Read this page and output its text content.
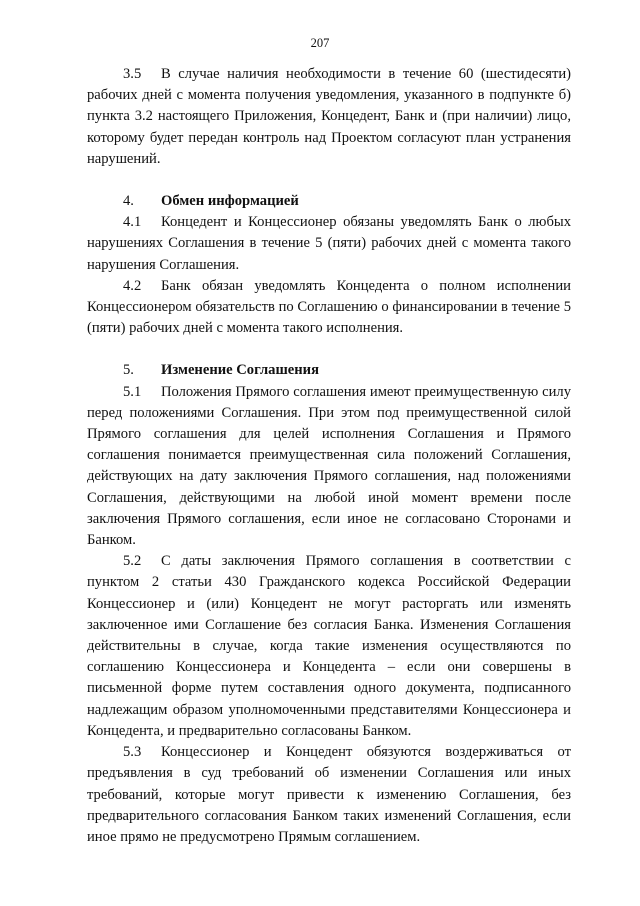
207

3.5 В случае наличия необходимости в течение 60 (шестидесяти) рабочих дней с момента получения уведомления, указанного в подпункте б) пункта 3.2 настоящего Приложения, Концедент, Банк и (при наличии) лицо, которому будет передан контроль над Проектом согласуют план устранения нарушений.

4. Обмен информацией

4.1 Концедент и Концессионер обязаны уведомлять Банк о любых нарушениях Соглашения в течение 5 (пяти) рабочих дней с момента такого нарушения Соглашения.

4.2 Банк обязан уведомлять Концедента о полном исполнении Концессионером обязательств по Соглашению о финансировании в течение 5 (пяти) рабочих дней с момента такого исполнения.

5. Изменение Соглашения

5.1 Положения Прямого соглашения имеют преимущественную силу перед положениями Соглашения. При этом под преимущественной силой Прямого соглашения для целей исполнения Соглашения и Прямого соглашения понимается преимущественная сила положений Соглашения, действующих на дату заключения Прямого соглашения, над положениями Соглашения, действующими на любой иной момент времени после заключения Прямого соглашения, если иное не согласовано Сторонами и Банком.

5.2 С даты заключения Прямого соглашения в соответствии с пунктом 2 статьи 430 Гражданского кодекса Российской Федерации Концессионер и (или) Концедент не могут расторгать или изменять заключенное ими Соглашение без согласия Банка. Изменения Соглашения действительны в случае, когда такие изменения осуществляются по соглашению Концессионера и Концедента – если они совершены в письменной форме путем составления одного документа, подписанного надлежащим образом уполномоченными представителями Концессионера и Концедента, и предварительно согласованы Банком.

5.3 Концессионер и Концедент обязуются воздерживаться от предъявления в суд требований об изменении Соглашения или иных требований, которые могут привести к изменению Соглашения, без предварительного согласования Банком таких изменений Соглашения, если иное прямо не предусмотрено Прямым соглашением.
